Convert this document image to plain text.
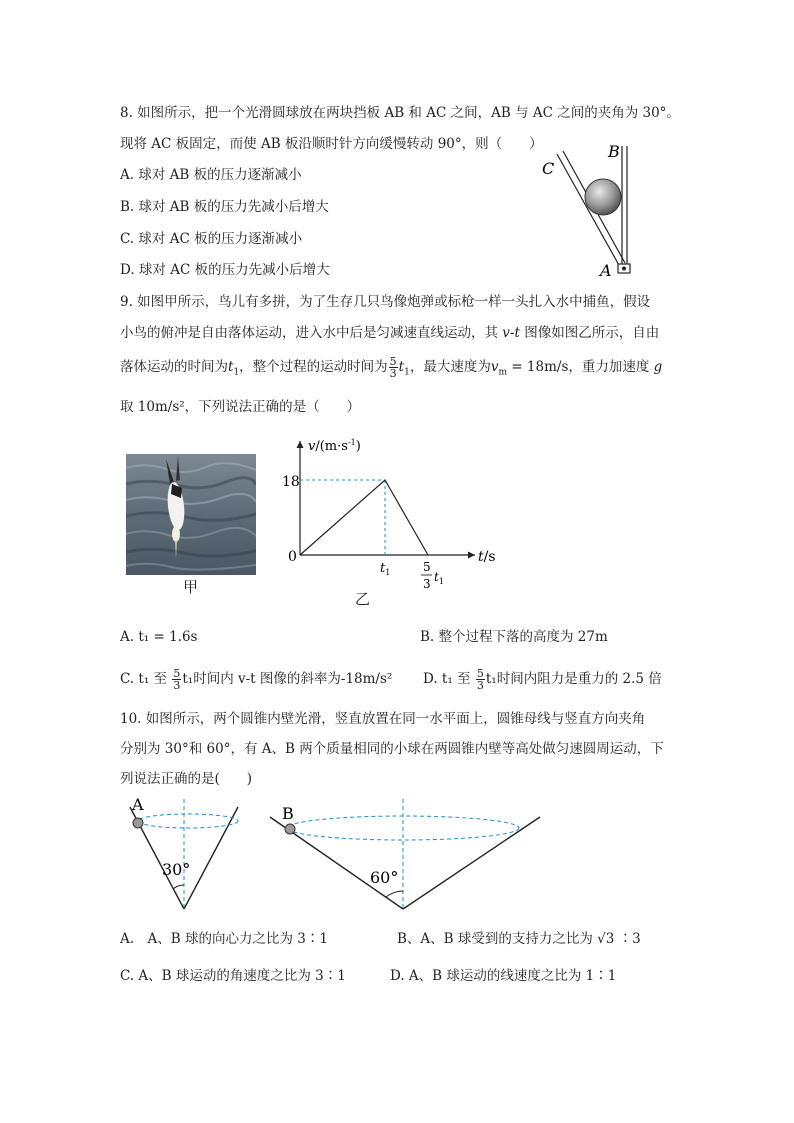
8. 如图所示，把一个光滑圆球放在两块挡板 AB 和 AC 之间，AB 与 AC 之间的夹角为 30°。
现将 AC 板固定，而使 AB 板沿顺时针方向缓慢转动 90°，则（　　）
A. 球对 AB 板的压力逐渐减小
B. 球对 AB 板的压力先减小后增大
C. 球对 AC 板的压力逐渐减小
D. 球对 AC 板的压力先减小后增大
B
C
A
9. 如图甲所示，鸟儿有多拼，为了生存几只鸟像炮弹或标枪一样一头扎入水中捕鱼，假设
小鸟的俯冲是自由落体运动，进入水中后是匀减速直线运动，其 v-t 图像如图乙所示，自由
落体运动的时间为$t_1$，整个过程的运动时间为 $\frac{5}{3} t_1$，最大速度为$v_m = 18m/s$，重力加速度 g
取 10m/s²，下列说法正确的是（　　）
甲
$v/(m\cdot s^{-1})$
18
0	t/s
$t_1$	5
3 $t_1$
乙
A. t₁ = 1.6s	B. 整个过程下落的高度为 27m
C. t₁ 至 $\frac{5}{3} t_1$时间内 v-t 图像的斜率为-18m/s² D. t₁ 至 $\frac{5}{3} t_1$时间内阻力是重力的 2.5 倍
10. 如图所示，两个圆锥内壁光滑，竖直放置在同一水平面上，圆锥母线与竖直方向夹角
分别为 30°和 60°，有 A、B 两个质量相同的小球在两圆锥内壁等高处做匀速圆周运动，下
列说法正确的是(　　)
A
30°
B
60°
A.　A、B 球的向心力之比为 3∶1	B、A、B 球受到的支持力之比为 √3 ∶3
C. A、B 球运动的角速度之比为 3∶1	D. A、B 球运动的线速度之比为 1∶1
